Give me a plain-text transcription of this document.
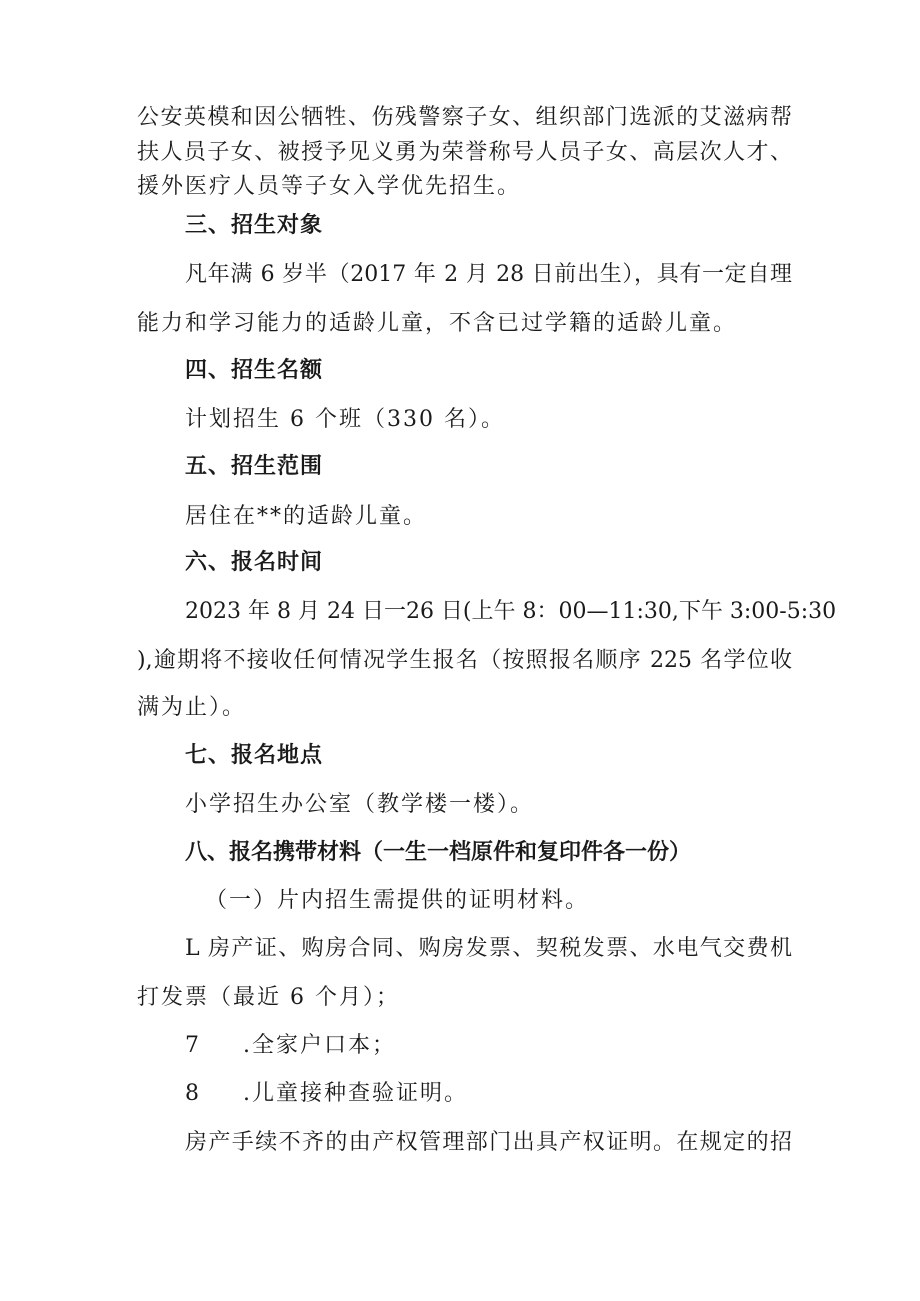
公安英模和因公牺牲、伤残警察子女、组织部门选派的艾滋病帮
扶人员子女、被授予见义勇为荣誉称号人员子女、高层次人才、
援外医疗人员等子女入学优先招生。
三、招生对象
凡年满 6 岁半（2017 年 2 月 28 日前出生），具有一定自理
能力和学习能力的适龄儿童，不含已过学籍的适龄儿童。
四、招生名额
计划招生 6 个班（330 名）。
五、招生范围
居住在**的适龄儿童。
六、报名时间
2023 年 8 月 24 日一26 日(上午 8：00—11:30,下午 3:00-5:30
),逾期将不接收任何情况学生报名（按照报名顺序 225 名学位收
满为止）。
七、报名地点
小学招生办公室（教学楼一楼）。
八、报名携带材料（一生一档原件和复印件各一份）
（一）片内招生需提供的证明材料。
L 房产证、购房合同、购房发票、契税发票、水电气交费机
打发票（最近 6 个月）；
7 .全家户口本；
8 .儿童接种查验证明。
房产手续不齐的由产权管理部门出具产权证明。在规定的招
